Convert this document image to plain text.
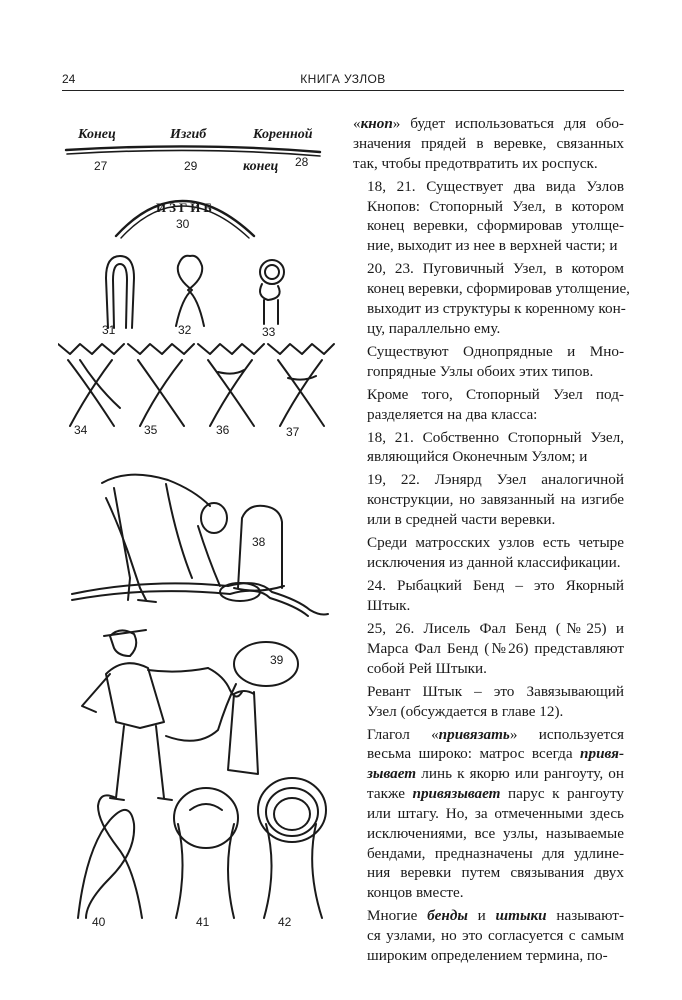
24	КНИГА УЗЛОВ
Конец	Изгиб	Коренной
27	29	конец 28
ИЗГИБ
30
31	32	33
34	35	36	37
38
39
40	41	42

«кноп» будет использоваться для обо-
значения прядей в веревке, связанных
так, чтобы предотвратить их роспуск.

18, 21. Существует два вида Узлов
Кнопов: Стопорный Узел, в котором
конец веревки, сформировав утолще-
ние, выходит из нее в верхней части; и

20, 23. Пуговичный Узел, в котором
конец веревки, сформировав утолщение,
выходит из структуры к коренному кон-
цу, параллельно ему.

Существуют Однопрядные и Мно-
гопрядные Узлы обоих этих типов.

Кроме того, Стопорный Узел под-
разделяется на два класса:

18, 21. Собственно Стопорный Узел,
являющийся Оконечным Узлом; и

19, 22. Лэнярд Узел аналогичной
конструкции, но завязанный на изгибе
или в средней части веревки.

Среди матросских узлов есть четыре
исключения из данной классификации.

24. Рыбацкий Бенд – это Якорный
Штык.

25, 26. Лисель Фал Бенд (№25) и
Марса Фал Бенд (№26) представляют
собой Рей Штыки.

Ревант Штык – это Завязывающий
Узел (обсуждается в главе 12).

Глагол «привязать» используется
весьма широко: матрос всегда привя-
зывает линь к якорю или рангоуту, он
также привязывает парус к рангоуту
или штагу. Но, за отмеченными здесь
исключениями, все узлы, называемые
бендами, предназначены для удлине-
ния веревки путем связывания двух
концов вместе.

Многие бенды и штыки называют-
ся узлами, но это согласуется с самым
широким определением термина, по-
